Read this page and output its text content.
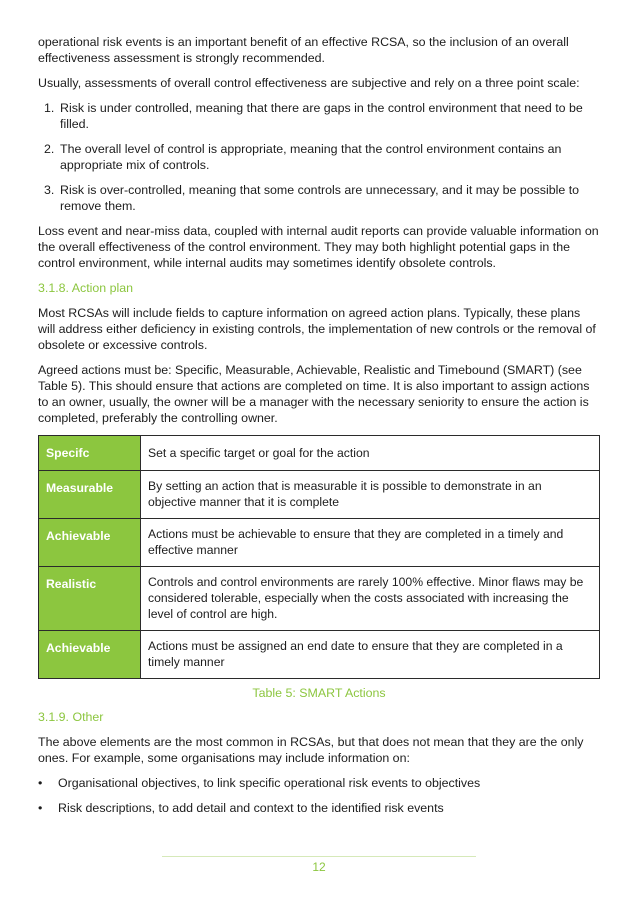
operational risk events is an important benefit of an effective RCSA, so the inclusion of an overall effectiveness assessment is strongly recommended.

Usually, assessments of overall control effectiveness are subjective and rely on a three point scale:

1. Risk is under controlled, meaning that there are gaps in the control environment that need to be filled.
2. The overall level of control is appropriate, meaning that the control environment contains an appropriate mix of controls.
3. Risk is over-controlled, meaning that some controls are unnecessary, and it may be possible to remove them.

Loss event and near-miss data, coupled with internal audit reports can provide valuable information on the overall effectiveness of the control environment. They may both highlight potential gaps in the control environment, while internal audits may sometimes identify obsolete controls.

3.1.8. Action plan

Most RCSAs will include fields to capture information on agreed action plans. Typically, these plans will address either deficiency in existing controls, the implementation of new controls or the removal of obsolete or excessive controls.

Agreed actions must be: Specific, Measurable, Achievable, Realistic and Timebound (SMART) (see Table 5). This should ensure that actions are completed on time. It is also important to assign actions to an owner, usually, the owner will be a manager with the necessary seniority to ensure the action is completed, preferably the controlling owner.

Specifc	Set a specific target or goal for the action
Measurable	By setting an action that is measurable it is possible to demonstrate in an objective manner that it is complete
Achievable	Actions must be achievable to ensure that they are completed in a timely and effective manner
Realistic	Controls and control environments are rarely 100% effective. Minor flaws may be considered tolerable, especially when the costs associated with increasing the level of control are high.
Achievable	Actions must be assigned an end date to ensure that they are completed in a timely manner
Table 5: SMART Actions
3.1.9. Other

The above elements are the most common in RCSAs, but that does not mean that they are the only ones. For example, some organisations may include information on:

• Organisational objectives, to link specific operational risk events to objectives
• Risk descriptions, to add detail and context to the identified risk events
12
